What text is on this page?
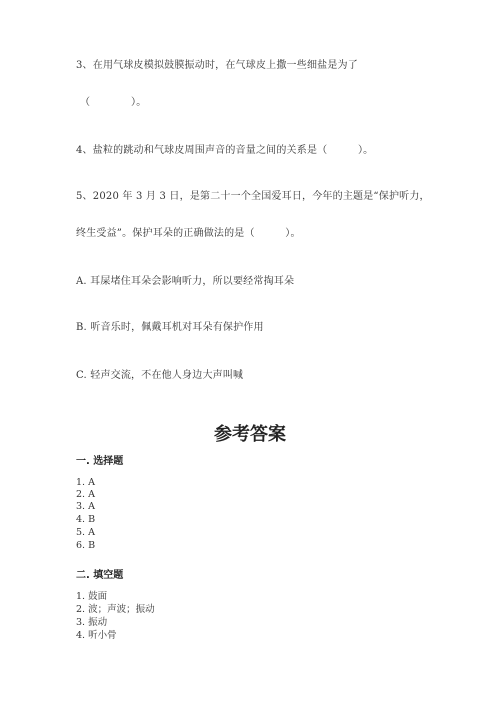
3、在用气球皮模拟鼓膜振动时，在气球皮上撒一些细盐是为了
（　　　　）。
4、盐粒的跳动和气球皮周围声音的音量之间的关系是（　　　）。
5、2020 年 3 月 3 日，是第二十一个全国爱耳日，今年的主题是“保护听力，
终生受益”。保护耳朵的正确做法的是（　　　）。
A. 耳屎堵住耳朵会影响听力，所以要经常掏耳朵
B. 听音乐时，佩戴耳机对耳朵有保护作用
C. 轻声交流，不在他人身边大声叫喊
参考答案
一. 选择题
1. A
2. A
3. A
4. B
5. A
6. B
二. 填空题
1. 鼓面
2. 波；声波；振动
3. 振动
4. 听小骨
